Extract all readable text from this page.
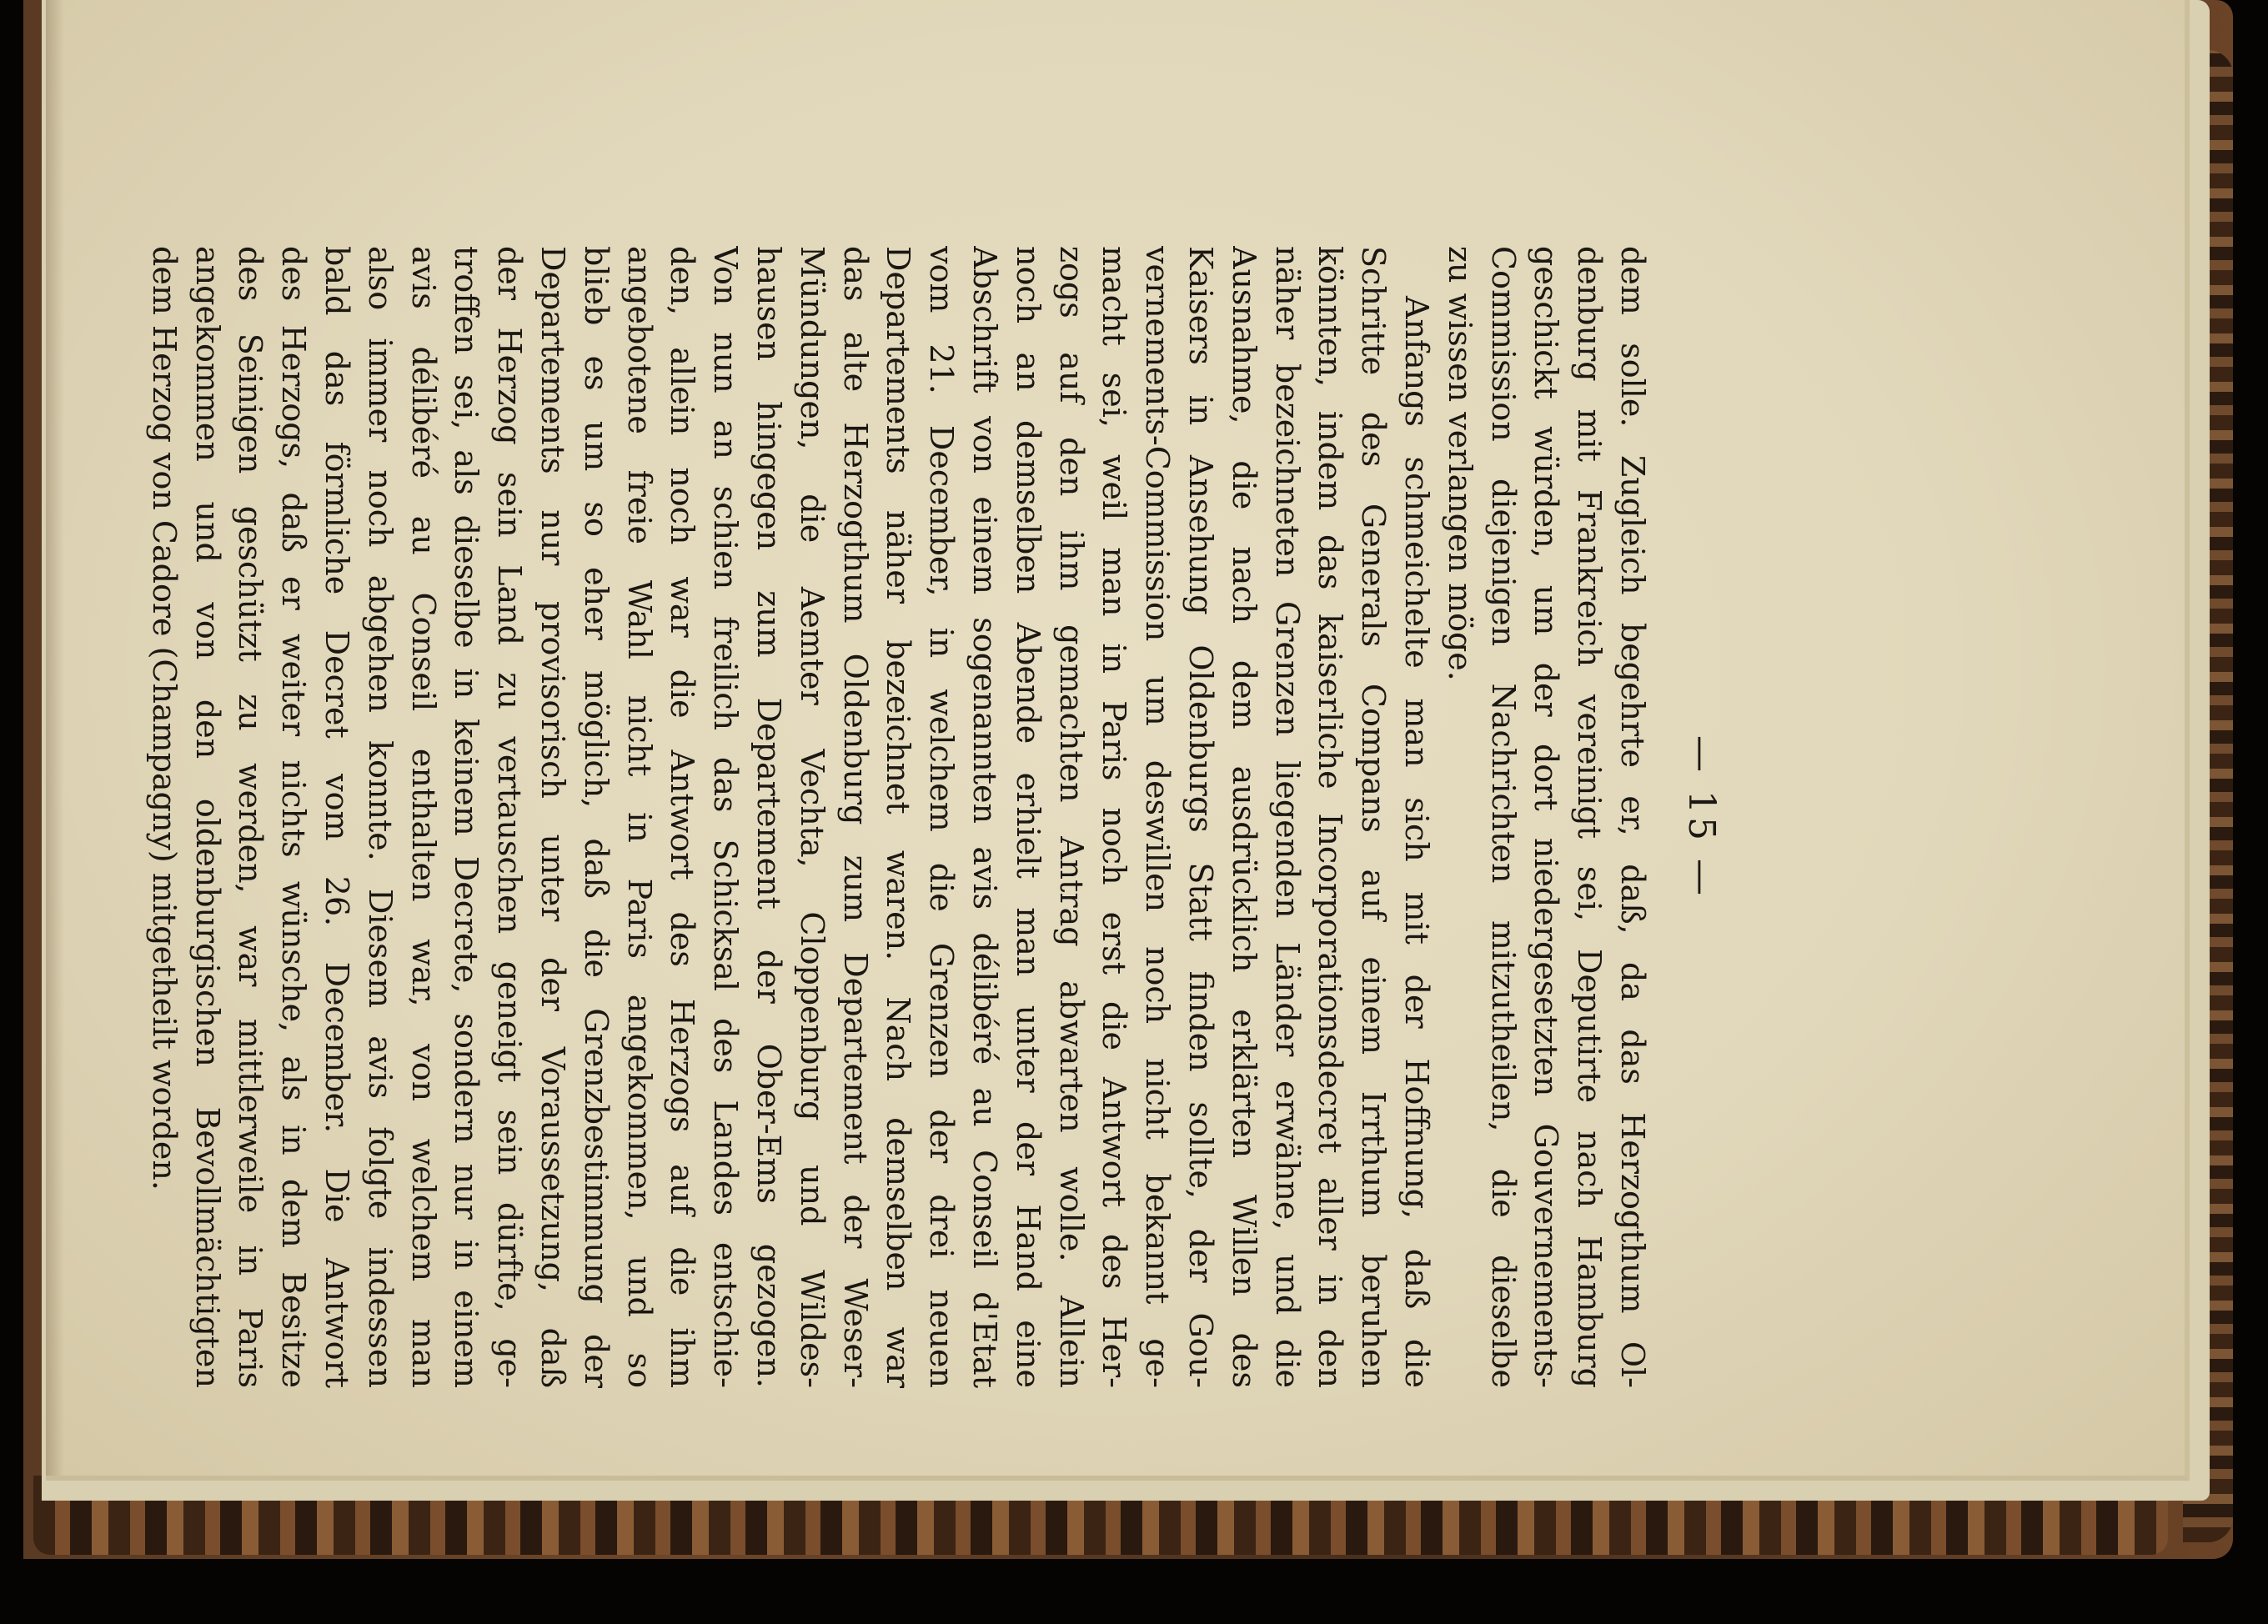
— 15 —
dem solle. Zugleich begehrte er, daß, da das Herzogthum Ol-
denburg mit Frankreich vereinigt sei, Deputirte nach Hamburg
geschickt würden, um der dort niedergesetzten Gouvernements-
Commission diejenigen Nachrichten mitzutheilen, die dieselbe
zu wissen verlangen möge.
Anfangs schmeichelte man sich mit der Hoffnung, daß die
Schritte des Generals Compans auf einem Irrthum beruhen
könnten, indem das kaiserliche Incorporationsdecret aller in den
näher bezeichneten Grenzen liegenden Länder erwähne, und die
Ausnahme, die nach dem ausdrücklich erklärten Willen des
Kaisers in Ansehung Oldenburgs Statt finden sollte, der Gou-
vernements-Commission um deswillen noch nicht bekannt ge-
macht sei, weil man in Paris noch erst die Antwort des Her-
zogs auf den ihm gemachten Antrag abwarten wolle. Allein
noch an demselben Abende erhielt man unter der Hand eine
Abschrift von einem sogenannten avis délibéré au Conseil d'Etat
vom 21. December, in welchem die Grenzen der drei neuen
Departements näher bezeichnet waren. Nach demselben war
das alte Herzogthum Oldenburg zum Departement der Weser-
Mündungen, die Aemter Vechta, Cloppenburg und Wildes-
hausen hingegen zum Departement der Ober-Ems gezogen.
Von nun an schien freilich das Schicksal des Landes entschie-
den, allein noch war die Antwort des Herzogs auf die ihm
angebotene freie Wahl nicht in Paris angekommen, und so
blieb es um so eher möglich, daß die Grenzbestimmung der
Departements nur provisorisch unter der Voraussetzung, daß
der Herzog sein Land zu vertauschen geneigt sein dürfte, ge-
troffen sei, als dieselbe in keinem Decrete, sondern nur in einem
avis délibéré au Conseil enthalten war, von welchem man
also immer noch abgehen konnte. Diesem avis folgte indessen
bald das förmliche Decret vom 26. December. Die Antwort
des Herzogs, daß er weiter nichts wünsche, als in dem Besitze
des Seinigen geschützt zu werden, war mittlerweile in Paris
angekommen und von den oldenburgischen Bevollmächtigten
dem Herzog von Cadore (Champagny) mitgetheilt worden.
